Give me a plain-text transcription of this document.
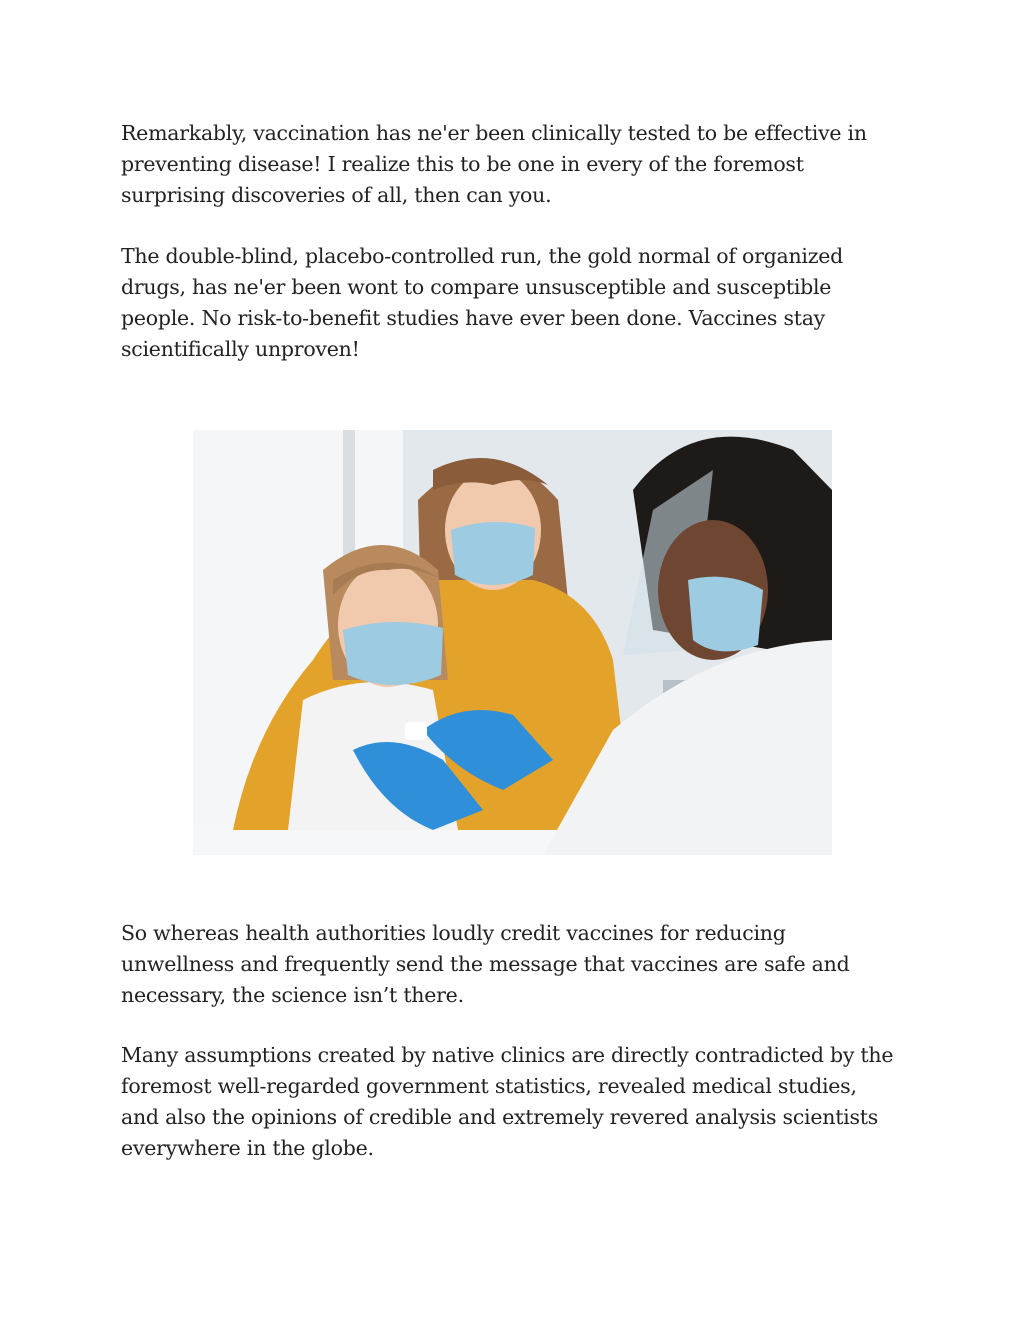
Remarkably, vaccination has ne'er been clinically tested to be effective in
preventing disease! I realize this to be one in every of the foremost
surprising discoveries of all, then can you.

The double-blind, placebo-controlled run, the gold normal of organized
drugs, has ne'er been wont to compare unsusceptible and susceptible
people. No risk-to-benefit studies have ever been done. Vaccines stay
scientifically unproven!

So whereas health authorities loudly credit vaccines for reducing
unwellness and frequently send the message that vaccines are safe and
necessary, the science isn’t there.

Many assumptions created by native clinics are directly contradicted by the
foremost well-regarded government statistics, revealed medical studies,
and also the opinions of credible and extremely revered analysis scientists
everywhere in the globe.
